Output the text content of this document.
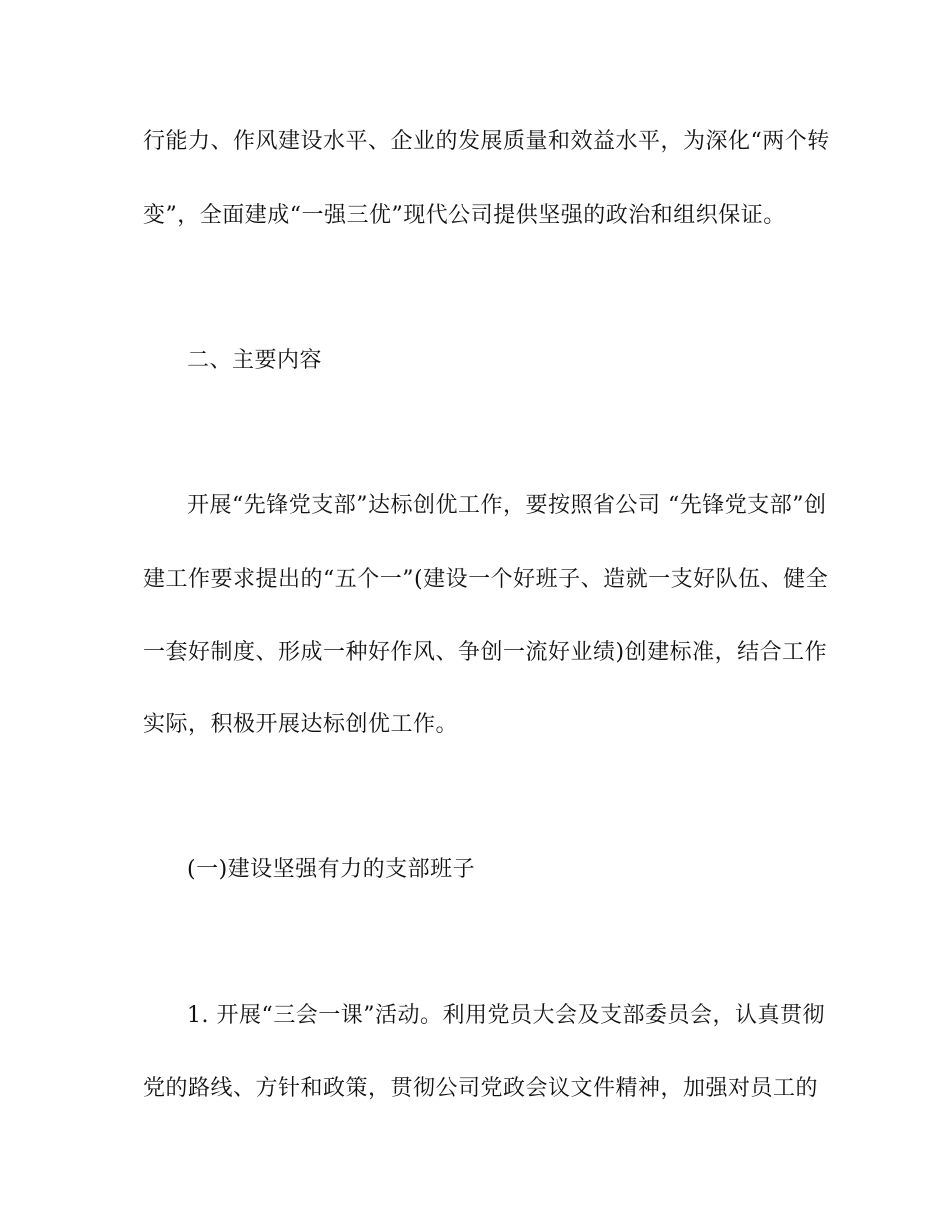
行能力、作风建设水平、企业的发展质量和效益水平，为深化“两个转
变”，全面建成“一强三优”现代公司提供坚强的政治和组织保证。
二、主要内容
开展“先锋党支部”达标创优工作，要按照省公司 “先锋党支部”创
建工作要求提出的“五个一”(建设一个好班子、造就一支好队伍、健全
一套好制度、形成一种好作风、争创一流好业绩)创建标准，结合工作
实际，积极开展达标创优工作。
(一)建设坚强有力的支部班子
1. 开展“三会一课”活动。利用党员大会及支部委员会，认真贯彻
党的路线、方针和政策，贯彻公司党政会议文件精神，加强对员工的
